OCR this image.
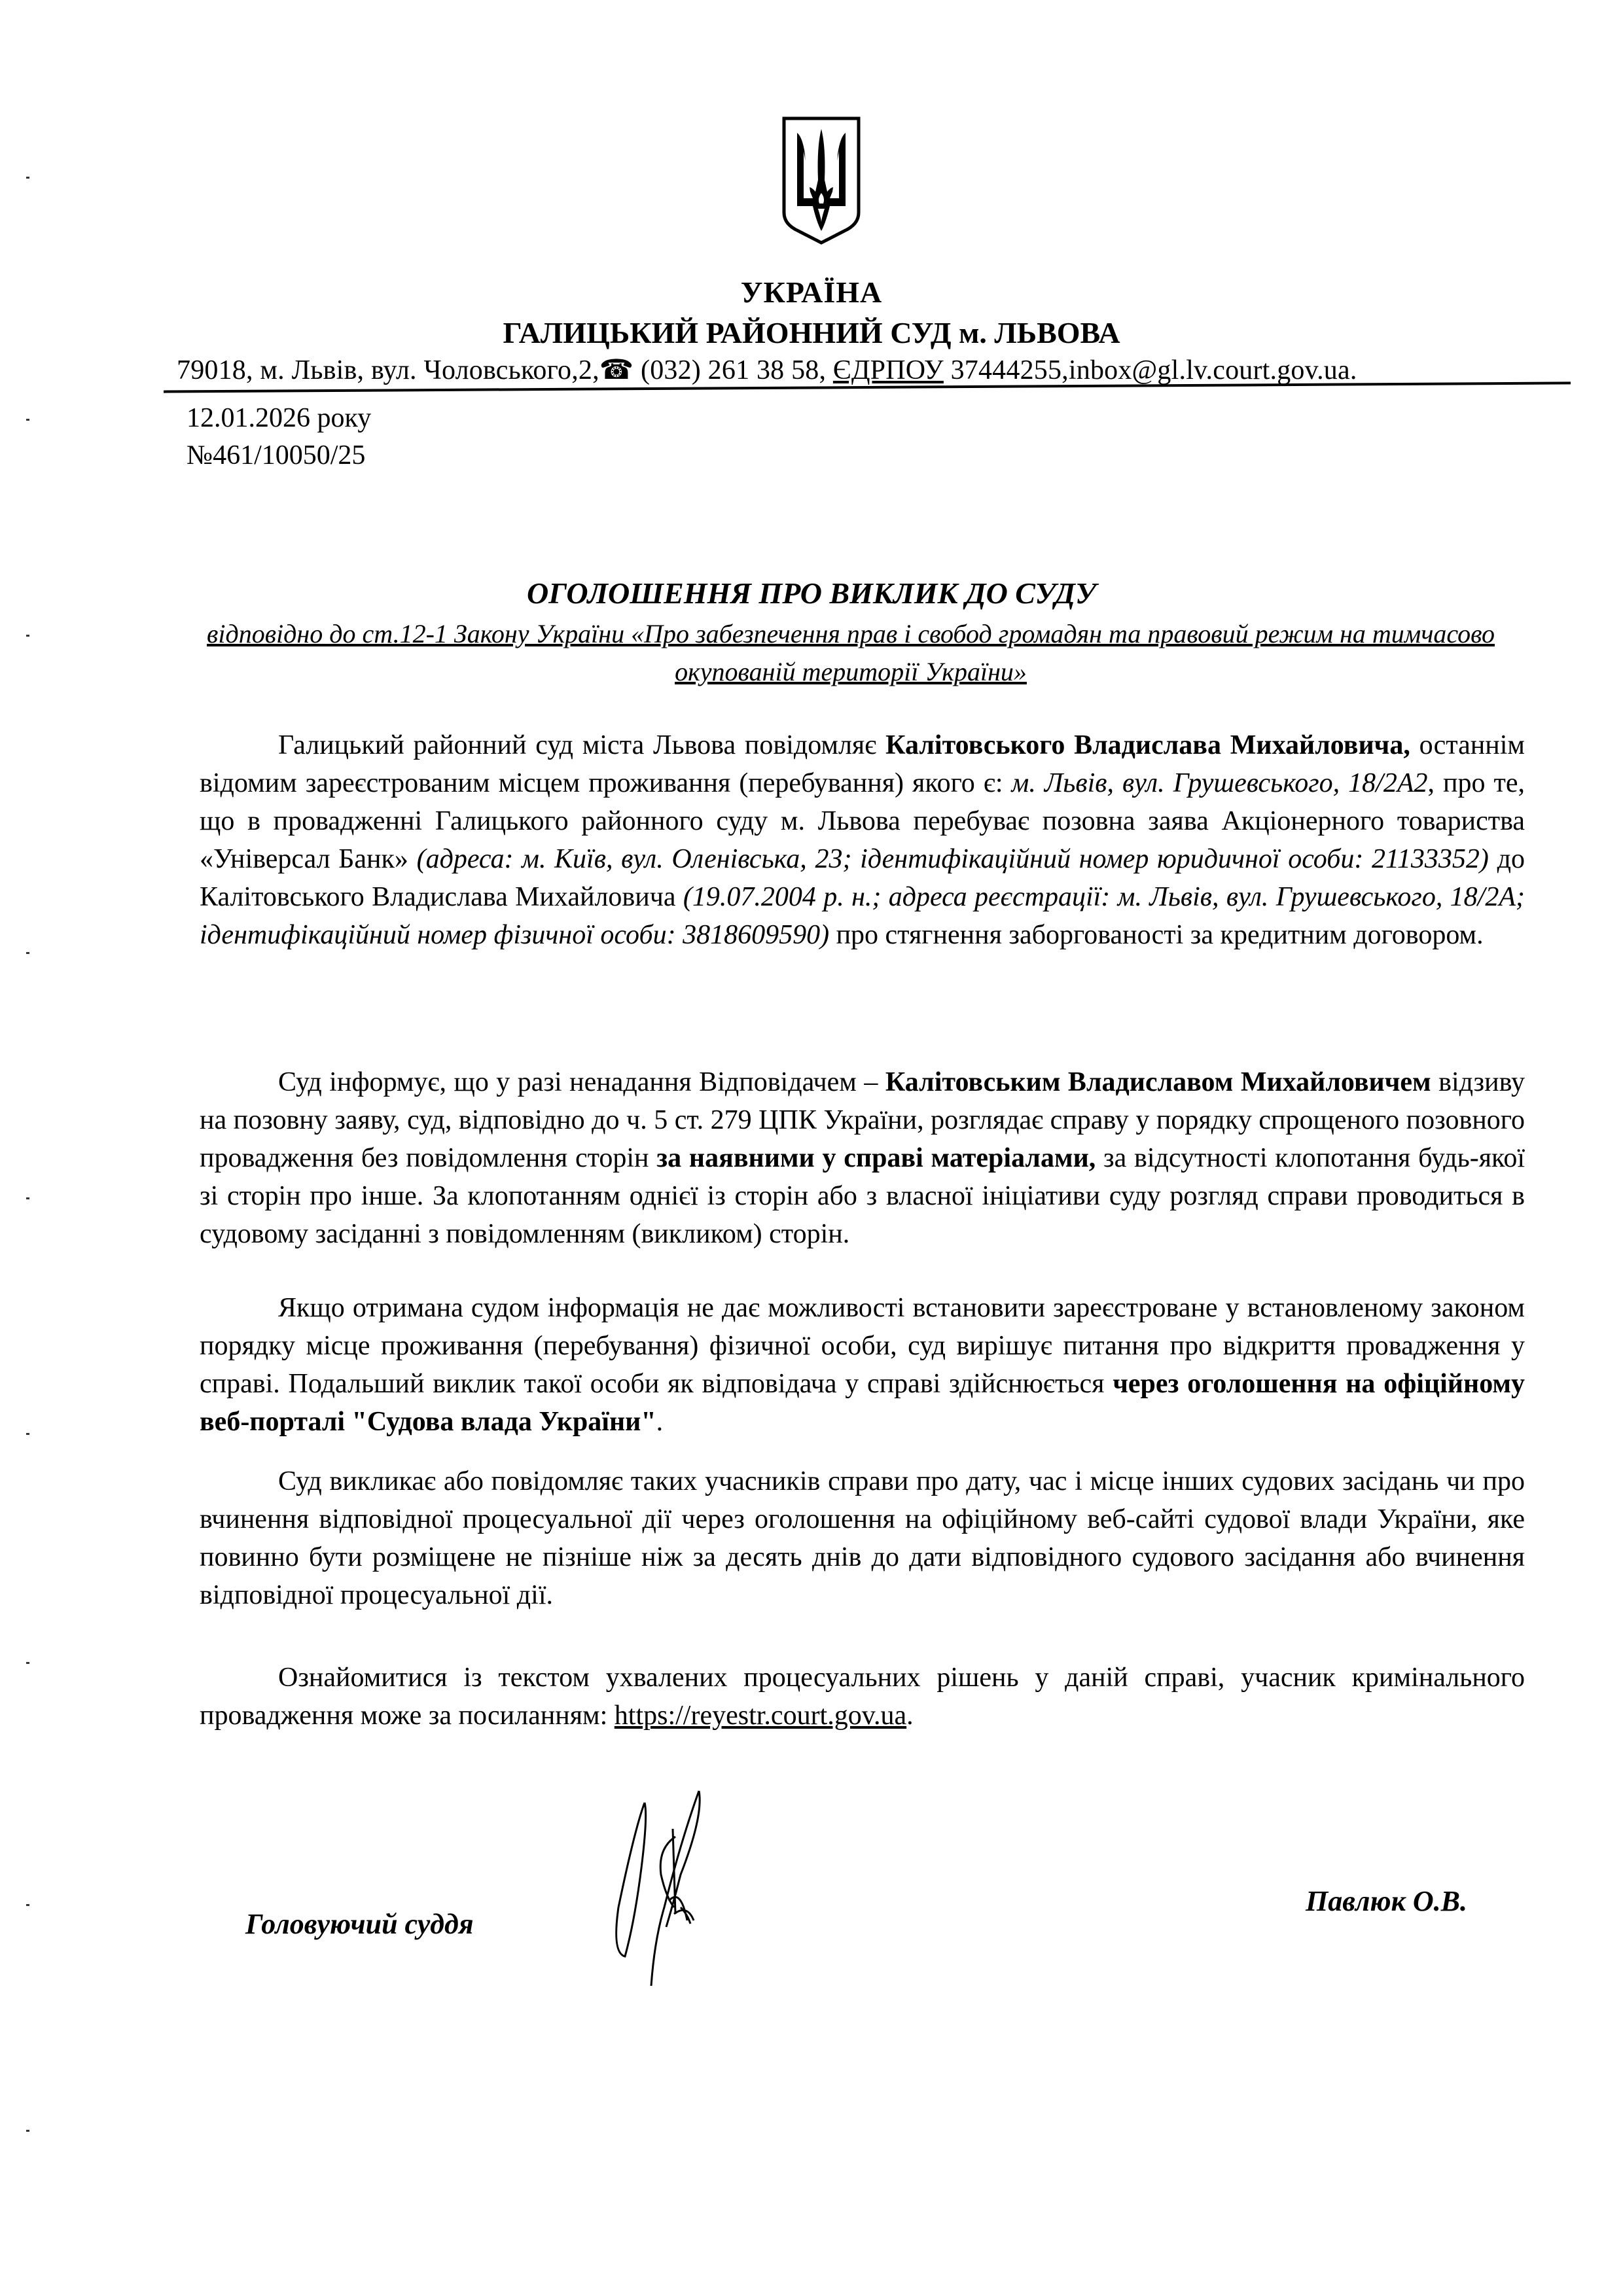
УКРАЇНА
ГАЛИЦЬКИЙ РАЙОННИЙ СУД м. ЛЬВОВА
79018, м. Львів, вул. Чоловського,2,☎ (032) 261 38 58, ЄДРПОУ 37444255,inbox@gl.lv.court.gov.ua.
12.01.2026 року
№461/10050/25
ОГОЛОШЕННЯ ПРО ВИКЛИК ДО СУДУ
відповідно до ст.12-1 Закону України «Про забезпечення прав і свобод громадян та правовий режим на тимчасово окупованій території України»
Галицький районний суд міста Львова повідомляє Калітовського Владислава Михайловича, останнім відомим зареєстрованим місцем проживання (перебування) якого є: м. Львів, вул. Грушевського, 18/2А2, про те, що в провадженні Галицького районного суду м. Львова перебуває позовна заява Акціонерного товариства «Універсал Банк» (адреса: м. Київ, вул. Оленівська, 23; ідентифікаційний номер юридичної особи: 21133352) до Калітовського Владислава Михайловича (19.07.2004 р. н.; адреса реєстрації: м. Львів, вул. Грушевського, 18/2А; ідентифікаційний номер фізичної особи: 3818609590) про стягнення заборгованості за кредитним договором.
Суд інформує, що у разі ненадання Відповідачем – Калітовським Владиславом Михайловичем відзиву на позовну заяву, суд, відповідно до ч. 5 ст. 279 ЦПК України, розглядає справу у порядку спрощеного позовного провадження без повідомлення сторін за наявними у справі матеріалами, за відсутності клопотання будь-якої зі сторін про інше. За клопотанням однієї із сторін або з власної ініціативи суду розгляд справи проводиться в судовому засіданні з повідомленням (викликом) сторін.
Якщо отримана судом інформація не дає можливості встановити зареєстроване у встановленому законом порядку місце проживання (перебування) фізичної особи, суд вирішує питання про відкриття провадження у справі. Подальший виклик такої особи як відповідача у справі здійснюється через оголошення на офіційному веб-порталі "Судова влада України".
Суд викликає або повідомляє таких учасників справи про дату, час і місце інших судових засідань чи про вчинення відповідної процесуальної дії через оголошення на офіційному веб-сайті судової влади України, яке повинно бути розміщене не пізніше ніж за десять днів до дати відповідного судового засідання або вчинення відповідної процесуальної дії.
Ознайомитися із текстом ухвалених процесуальних рішень у даній справі, учасник кримінального провадження може за посиланням: https://reyestr.court.gov.ua.
Головуючий суддя
Павлюк О.В.
